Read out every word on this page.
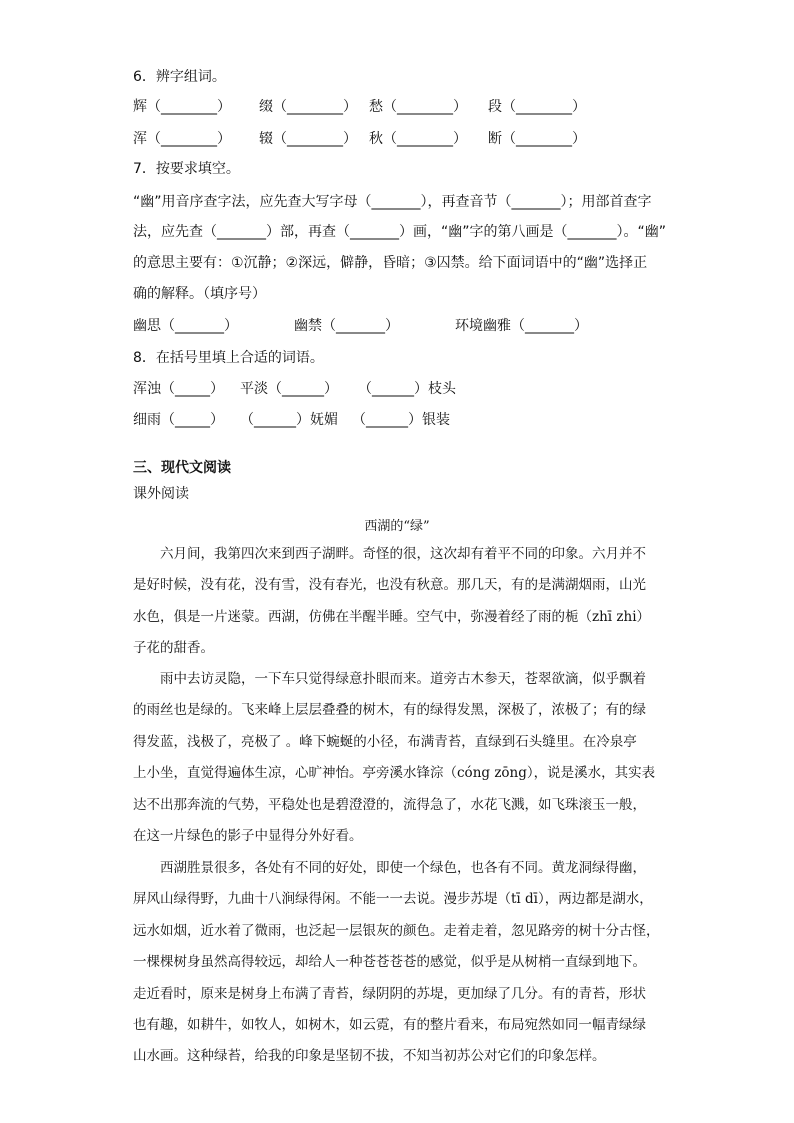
6．辨字组词。
辉（________） 缀（________） 愁（________） 段（________）
浑（________） 辍（________） 秋（________） 断（________）
7．按要求填空。
“幽”用音序查字法，应先查大写字母（_______），再查音节（_______）；用部首查字
法，应先查（_______）部，再查（_______）画，“幽”字的第八画是（_______）。“幽”
的意思主要有：①沉静；②深远，僻静，昏暗；③囚禁。给下面词语中的“幽”选择正
确的解释。（填序号）
幽思（_______）	幽禁（_______）	环境幽雅（_______）
8．在括号里填上合适的词语。
浑浊（_____） 平淡（______） （______）枝头
细雨（_____） （______）妩媚 （______）银装
三、现代文阅读
课外阅读
西湖的“绿”
　　六月间，我第四次来到西子湖畔。奇怪的很，这次却有着平不同的印象。六月并不
是好时候，没有花，没有雪，没有春光，也没有秋意。那几天，有的是满湖烟雨，山光
水色，俱是一片迷蒙。西湖，仿佛在半醒半睡。空气中，弥漫着经了雨的栀（zhī zhi）
子花的甜香。
　　雨中去访灵隐，一下车只觉得绿意扑眼而来。道旁古木参天，苍翠欲滴，似乎飘着
的雨丝也是绿的。飞来峰上层层叠叠的树木，有的绿得发黑，深极了，浓极了；有的绿
得发蓝，浅极了，亮极了 。峰下蜿蜒的小径，布满青苔，直绿到石头缝里。在冷泉亭
上小坐，直觉得遍体生凉，心旷神怡。亭旁溪水锋淙（cóng zōng），说是溪水，其实表
达不出那奔流的气势，平稳处也是碧澄澄的，流得急了，水花飞溅，如飞珠滚玉一般，
在这一片绿色的影子中显得分外好看。
　　西湖胜景很多，各处有不同的好处，即使一个绿色，也各有不同。黄龙洞绿得幽，
屏风山绿得野，九曲十八涧绿得闲。不能一一去说。漫步苏堤（tī dī），两边都是湖水，
远水如烟，近水着了微雨，也泛起一层银灰的颜色。走着走着，忽见路旁的树十分古怪，
一棵棵树身虽然高得较远，却给人一种苍苍苍苍的感觉，似乎是从树梢一直绿到地下。
走近看时，原来是树身上布满了青苔，绿阴阴的苏堤，更加绿了几分。有的青苔，形状
也有趣，如耕牛，如牧人，如树木，如云霓，有的整片看来，布局宛然如同一幅青绿绿
山水画。这种绿苔，给我的印象是坚韧不拔，不知当初苏公对它们的印象怎样。
